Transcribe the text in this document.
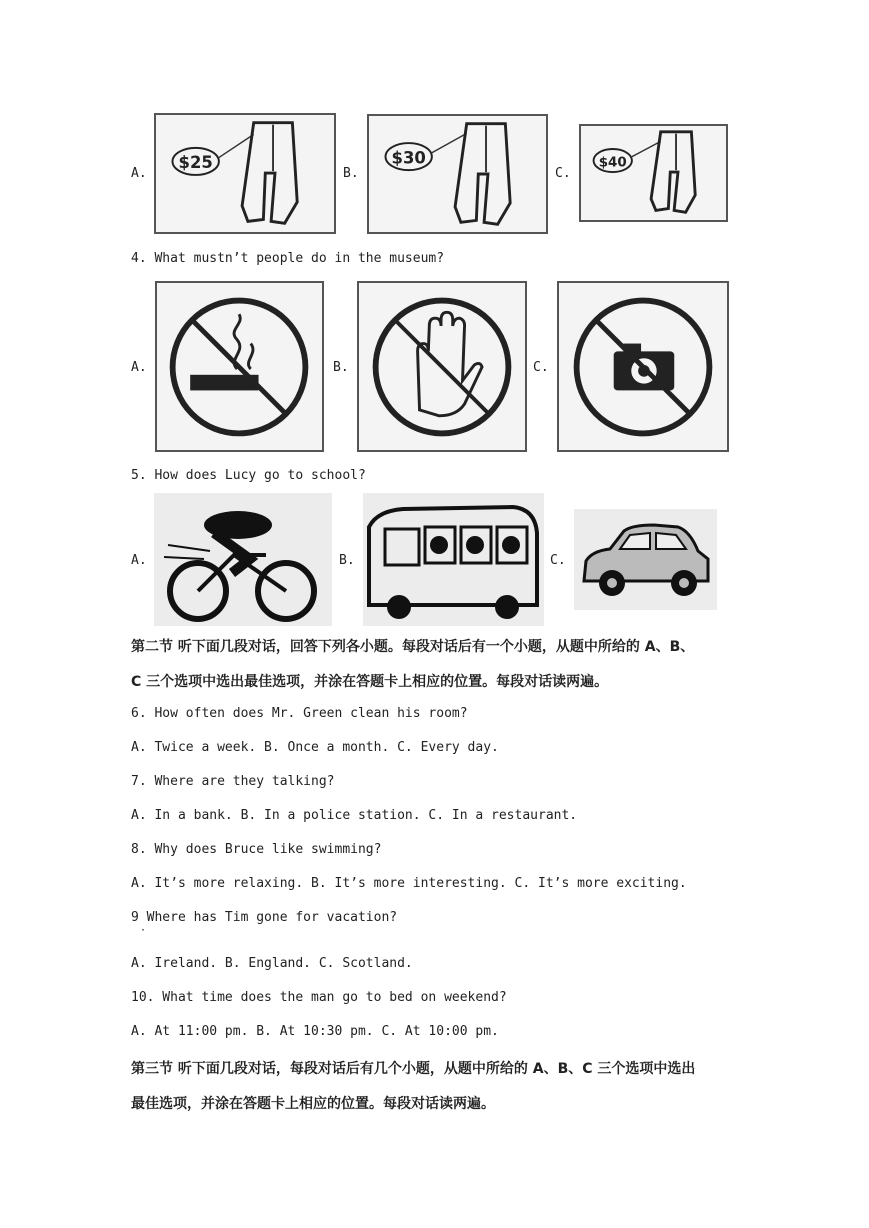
A.
$25
B.
$30
C.
$40
4. What mustn’t people do in the museum?
A.	B.	C.
5. How does Lucy go to school?
A.	B.	C.
第二节 听下面几段对话，回答下列各小题。每段对话后有一个小题，从题中所给的 A、B、
C 三个选项中选出最佳选项，并涂在答题卡上相应的位置。每段对话读两遍。
6. How often does Mr. Green clean his room?
A. Twice a week. B. Once a month. C. Every day.
7. Where are they talking?
A. In a bank. B. In a police station. C. In a restaurant.
8. Why does Bruce like swimming?
A. It’s more relaxing. B. It’s more interesting. C. It’s more exciting.
9 Where has Tim gone for vacation?
·
A. Ireland. B. England. C. Scotland.
10. What time does the man go to bed on weekend?
A. At 11:00 pm. B. At 10:30 pm. C. At 10:00 pm.
第三节 听下面几段对话，每段对话后有几个小题，从题中所给的 A、B、C 三个选项中选出
最佳选项，并涂在答题卡上相应的位置。每段对话读两遍。
